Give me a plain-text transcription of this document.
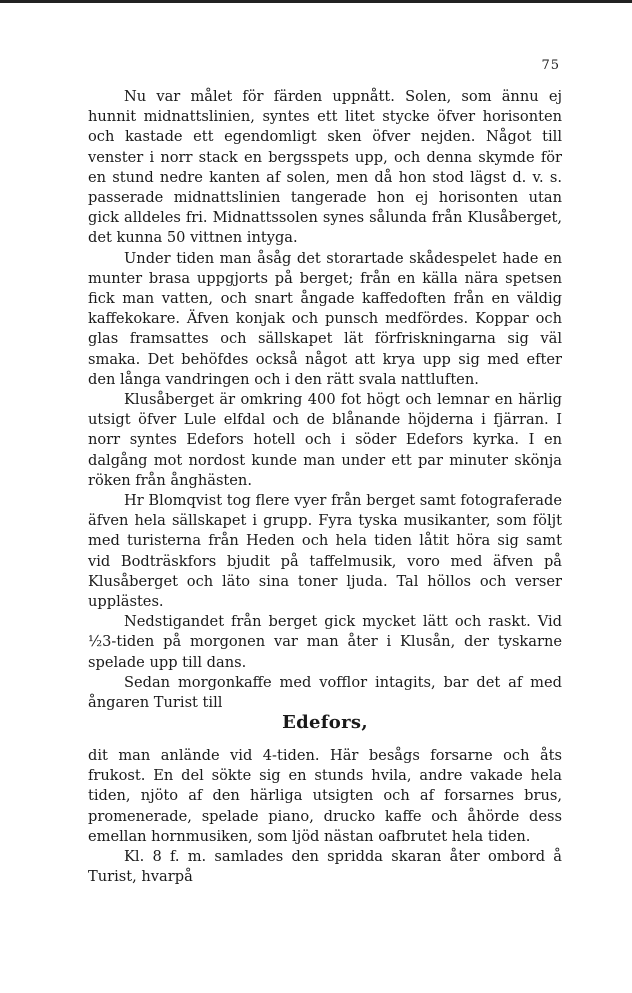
75

Nu var målet för färden uppnått. Solen, som ännu ej hunnit midnattslinien, syntes ett litet stycke öfver horisonten och kastade ett egendomligt sken öfver nejden. Något till venster i norr stack en bergsspets upp, och denna skymde för en stund nedre kanten af solen, men då hon stod lägst d. v. s. passerade midnattslinien tangerade hon ej horisonten utan gick alldeles fri. Midnattssolen synes sålunda från Klusåberget, det kunna 50 vittnen intyga.

Under tiden man åsåg det storartade skådespelet hade en munter brasa uppgjorts på berget; från en källa nära spetsen fick man vatten, och snart ångade kaffedoften från en väldig kaffekokare. Äfven konjak och punsch medfördes. Koppar och glas framsattes och sällskapet lät förfriskningarna sig väl smaka. Det behöfdes också något att krya upp sig med efter den långa vandringen och i den rätt svala nattluften.

Klusåberget är omkring 400 fot högt och lemnar en härlig utsigt öfver Lule elfdal och de blånande höjderna i fjärran. I norr syntes Edefors hotell och i söder Edefors kyrka. I en dalgång mot nordost kunde man under ett par minuter skönja röken från ånghästen.

Hr Blomqvist tog flere vyer från berget samt fotograferade äfven hela sällskapet i grupp. Fyra tyska musikanter, som följt med turisterna från Heden och hela tiden låtit höra sig samt vid Bodträskfors bjudit på taffelmusik, voro med äfven på Klusåberget och läto sina toner ljuda. Tal höllos och verser upplästes.

Nedstigandet från berget gick mycket lätt och raskt. Vid ½3-tiden på morgonen var man åter i Klusån, der tyskarne spelade upp till dans.

Sedan morgonkaffe med vofflor intagits, bar det af med ångaren Turist till

Edefors,

dit man anlände vid 4-tiden. Här besågs forsarne och åts frukost. En del sökte sig en stunds hvila, andre vakade hela tiden, njöto af den härliga utsigten och af forsarnes brus, promenerade, spelade piano, drucko kaffe och åhörde dess emellan hornmusiken, som ljöd nästan oafbrutet hela tiden.

Kl. 8 f. m. samlades den spridda skaran åter ombord å Turist, hvarpå
